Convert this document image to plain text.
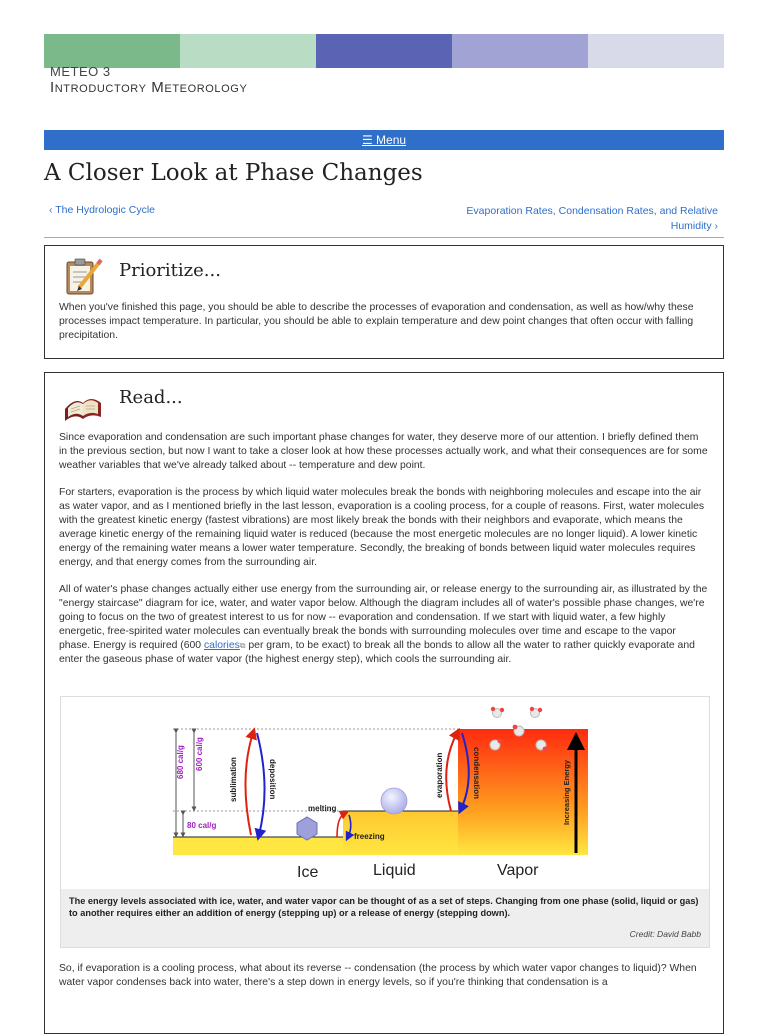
METEO 3
Introductory Meteorology
☰ Menu
A Closer Look at Phase Changes
‹ The Hydrologic Cycle	Evaporation Rates, Condensation Rates, and Relative Humidity ›
Prioritize...

When you've finished this page, you should be able to describe the processes of evaporation and condensation, as well as how/why these processes impact temperature. In particular, you should be able to explain temperature and dew point changes that often occur with falling precipitation.

Read...

Since evaporation and condensation are such important phase changes for water, they deserve more of our attention. I briefly defined them in the previous section, but now I want to take a closer look at how these processes actually work, and what their consequences are for some weather variables that we've already talked about -- temperature and dew point.

For starters, evaporation is the process by which liquid water molecules break the bonds with neighboring molecules and escape into the air as water vapor, and as I mentioned briefly in the last lesson, evaporation is a cooling process, for a couple of reasons. First, water molecules with the greatest kinetic energy (fastest vibrations) are most likely break the bonds with their neighbors and evaporate, which means the average kinetic energy of the remaining liquid water is reduced (because the most energetic molecules are no longer liquid). A lower kinetic energy of the remaining water means a lower water temperature. Secondly, the breaking of bonds between liquid water molecules requires energy, and that energy comes from the surrounding air.

All of water's phase changes actually either use energy from the surrounding air, or release energy to the surrounding air, as illustrated by the "energy staircase" diagram for ice, water, and water vapor below. Although the diagram includes all of water's possible phase changes, we're going to focus on the two of greatest interest to us for now -- evaporation and condensation. If we start with liquid water, a few highly energetic, free-spirited water molecules can eventually break the bonds with surrounding molecules over time and escape to the vapor phase. Energy is required (600 calories⧉ per gram, to be exact) to break all the bonds to allow all the water to rather quickly evaporate and enter the gaseous phase of water vapor (the highest energy step), which cools the surrounding air.

680 cal/g 600 cal/g
80 cal/g
sublimation	deposition
melting
freezing
evaporation	condensation	Increasing Energy
Ice	Liquid	Vapor
The energy levels associated with ice, water, and water vapor can be thought of as a set of steps. Changing from one phase (solid, liquid or gas) to another requires either an addition of energy (stepping up) or a release of energy (stepping down).
Credit: David Babb

So, if evaporation is a cooling process, what about its reverse -- condensation (the process by which water vapor changes to liquid)? When water vapor condenses back into water, there's a step down in energy levels, so if you're thinking that condensation is a
